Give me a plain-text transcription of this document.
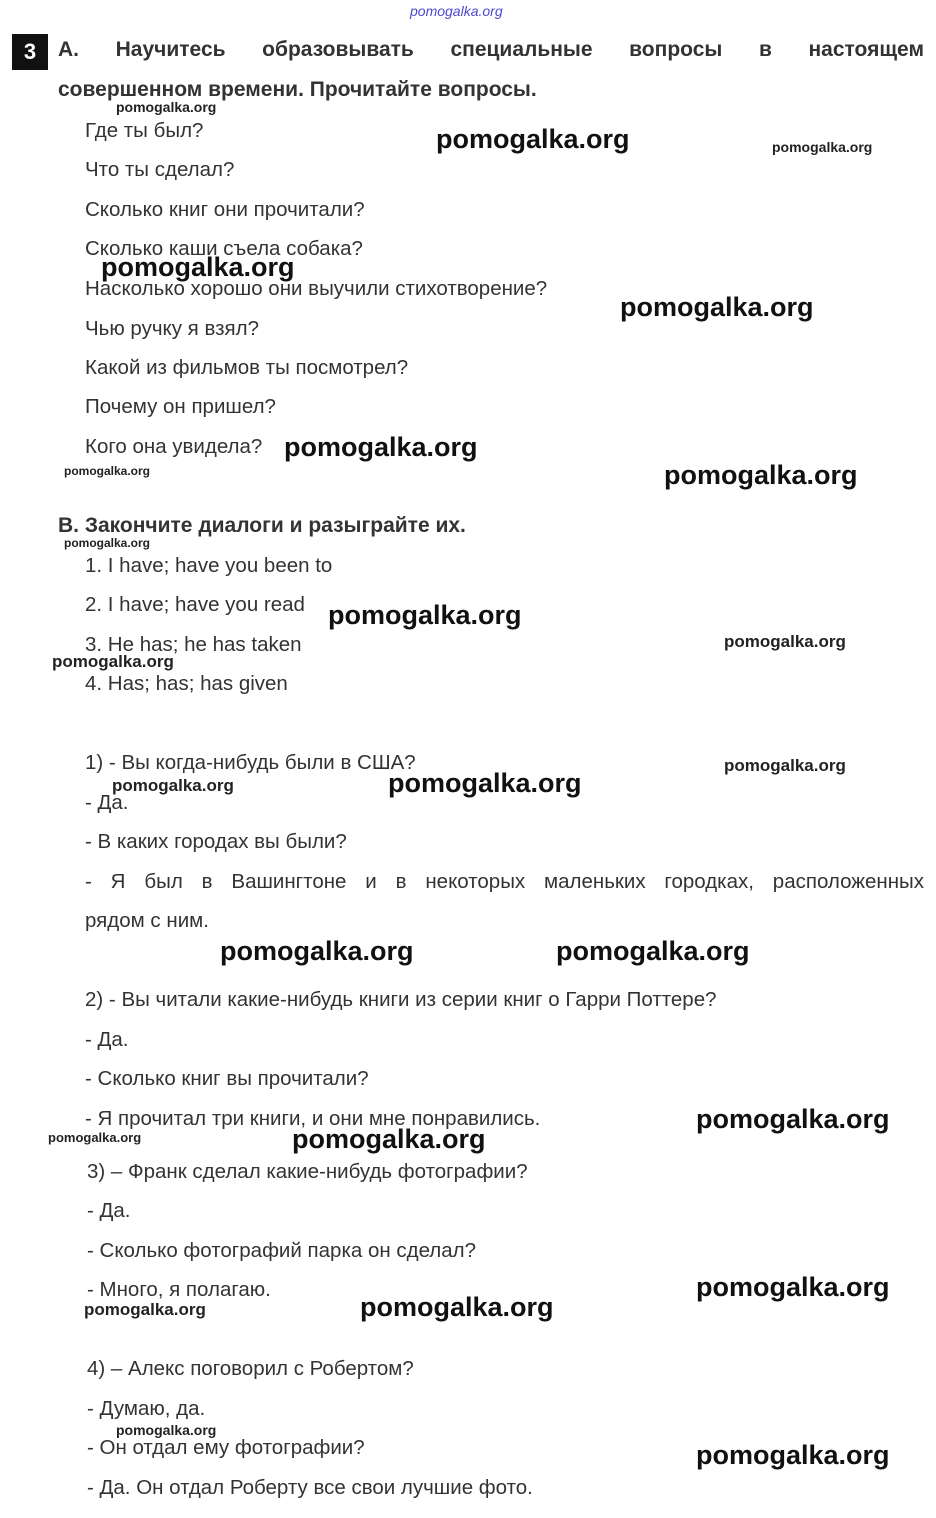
pomogalka.org
3	A. Научитесь образовывать специальные вопросы в настоящем
совершенном времени. Прочитайте вопросы.
Где ты был?
Что ты сделал?
Сколько книг они прочитали?
Сколько каши съела собака?
Насколько хорошо они выучили стихотворение?
Чью ручку я взял?
Какой из фильмов ты посмотрел?
Почему он пришел?
Кого она увидела?
B. Закончите диалоги и разыграйте их.
1. I have; have you been to
2. I have; have you read
3. He has; he has taken
4. Has; has; has given
1) - Вы когда-нибудь были в США?
- Да.
- В каких городах вы были?
- Я был в Вашингтоне и в некоторых маленьких городках, расположенных
рядом с ним.
2) - Вы читали какие-нибудь книги из серии книг о Гарри Поттере?
- Да.
- Сколько книг вы прочитали?
- Я прочитал три книги, и они мне понравились.
3) – Франк сделал какие-нибудь фотографии?
- Да.
- Сколько фотографий парка он сделал?
- Много, я полагаю.
4) – Алекс поговорил с Робертом?
- Думаю, да.
- Он отдал ему фотографии?
- Да. Он отдал Роберту все свои лучшие фото.
pomogalka.org
pomogalka.org	pomogalka.org
pomogalka.org
pomogalka.org
pomogalka.org
pomogalka.org	pomogalka.org
pomogalka.org
pomogalka.org
pomogalka.org
pomogalka.org
pomogalka.org
pomogalka.org	pomogalka.org
pomogalka.org	pomogalka.org
pomogalka.org
pomogalka.org	pomogalka.org
pomogalka.org
pomogalka.org	pomogalka.org
pomogalka.org
pomogalka.org
